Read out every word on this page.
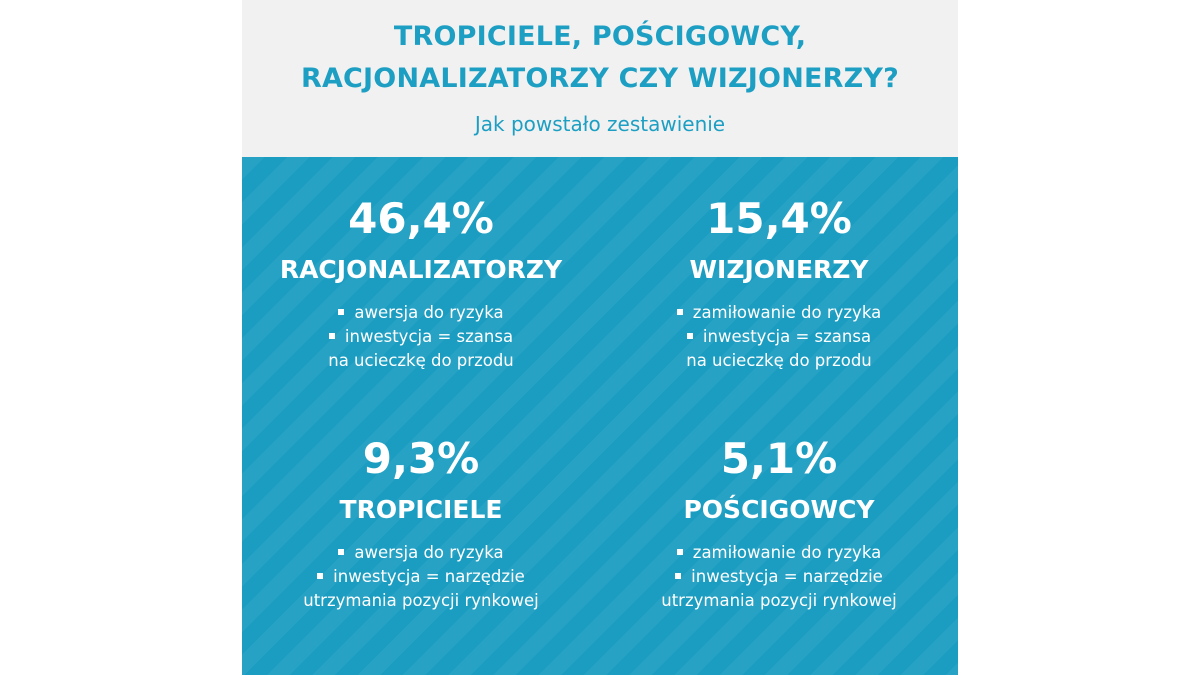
TROPICIELE, POŚCIGOWCY,
RACJONALIZATORZY CZY WIZJONERZY?
Jak powstało zestawienie
46,4%
RACJONALIZATORZY
awersja do ryzyka
inwestycja = szansa
na ucieczkę do przodu
15,4%
WIZJONERZY
zamiłowanie do ryzyka
inwestycja = szansa
na ucieczkę do przodu
9,3%
TROPICIELE
awersja do ryzyka
inwestycja = narzędzie
utrzymania pozycji rynkowej
5,1%
POŚCIGOWCY
zamiłowanie do ryzyka
inwestycja = narzędzie
utrzymania pozycji rynkowej
